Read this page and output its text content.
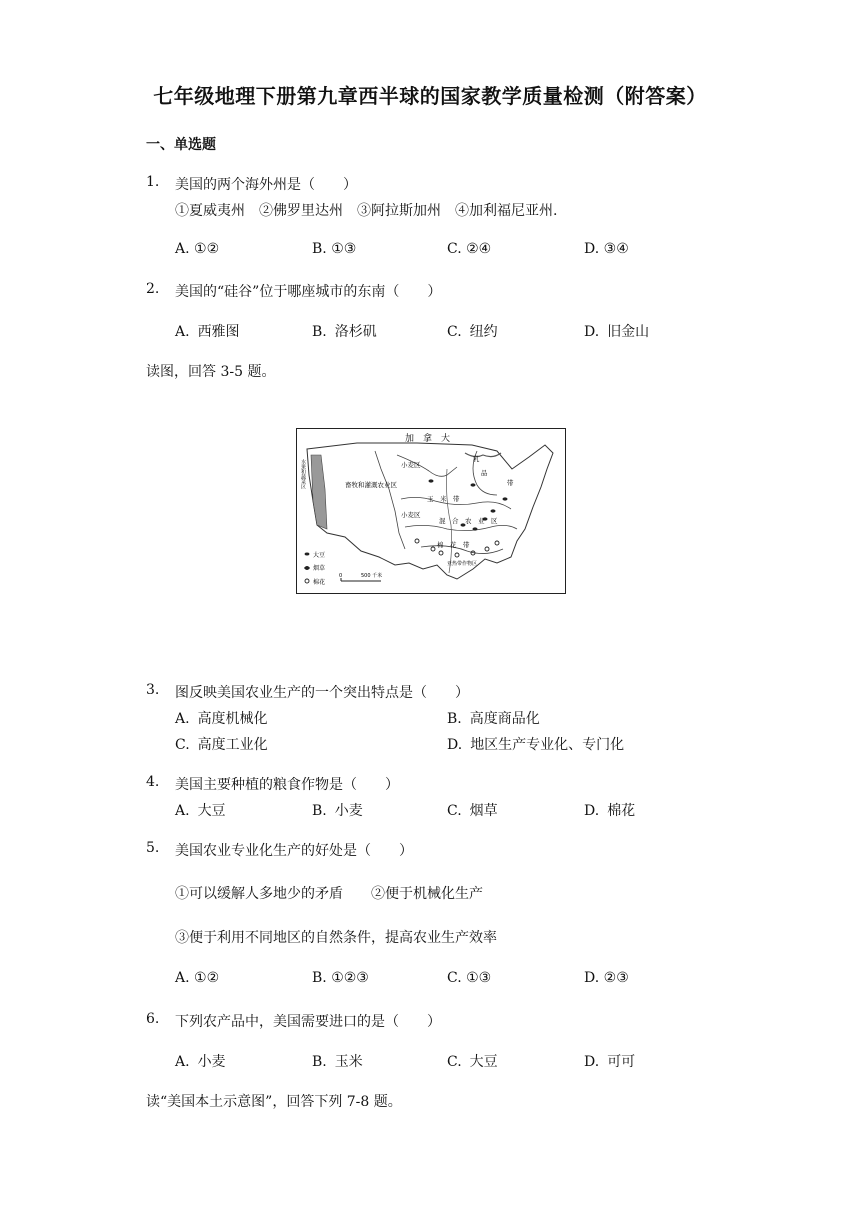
七年级地理下册第九章西半球的国家教学质量检测（附答案）
一、单选题
1. 美国的两个海外州是（　　）
①夏威夷州　②佛罗里达州　③阿拉斯加州　④加利福尼亚州.
A. ①②	B. ①③	C. ②④	D. ③④
2. 美国的“硅谷”位于哪座城市的东南（　　）
A. 西雅图	B. 洛杉矶	C. 纽约	D. 旧金山
读图，回答 3-5 题。
加　拿　大
畜牧和灌溉农业区
小麦区
小麦区
玉　米　带
乳
品
带
混　合　农　业　区
棉　花　带
亚热带作物区
水果和蔬菜区
大豆
烟草
棉花
0	500 千米
3. 图反映美国农业生产的一个突出特点是（　　）
A. 高度机械化	B. 高度商品化
C. 高度工业化	D. 地区生产专业化、专门化
4. 美国主要种植的粮食作物是（　　）
A. 大豆	B. 小麦	C. 烟草	D. 棉花
5. 美国农业专业化生产的好处是（　　）
①可以缓解人多地少的矛盾　　②便于机械化生产
③便于利用不同地区的自然条件，提高农业生产效率
A. ①②	B. ①②③	C. ①③	D. ②③
6. 下列农产品中，美国需要进口的是（　　）
A. 小麦	B. 玉米	C. 大豆	D. 可可
读“美国本土示意图”，回答下列 7-8 题。
